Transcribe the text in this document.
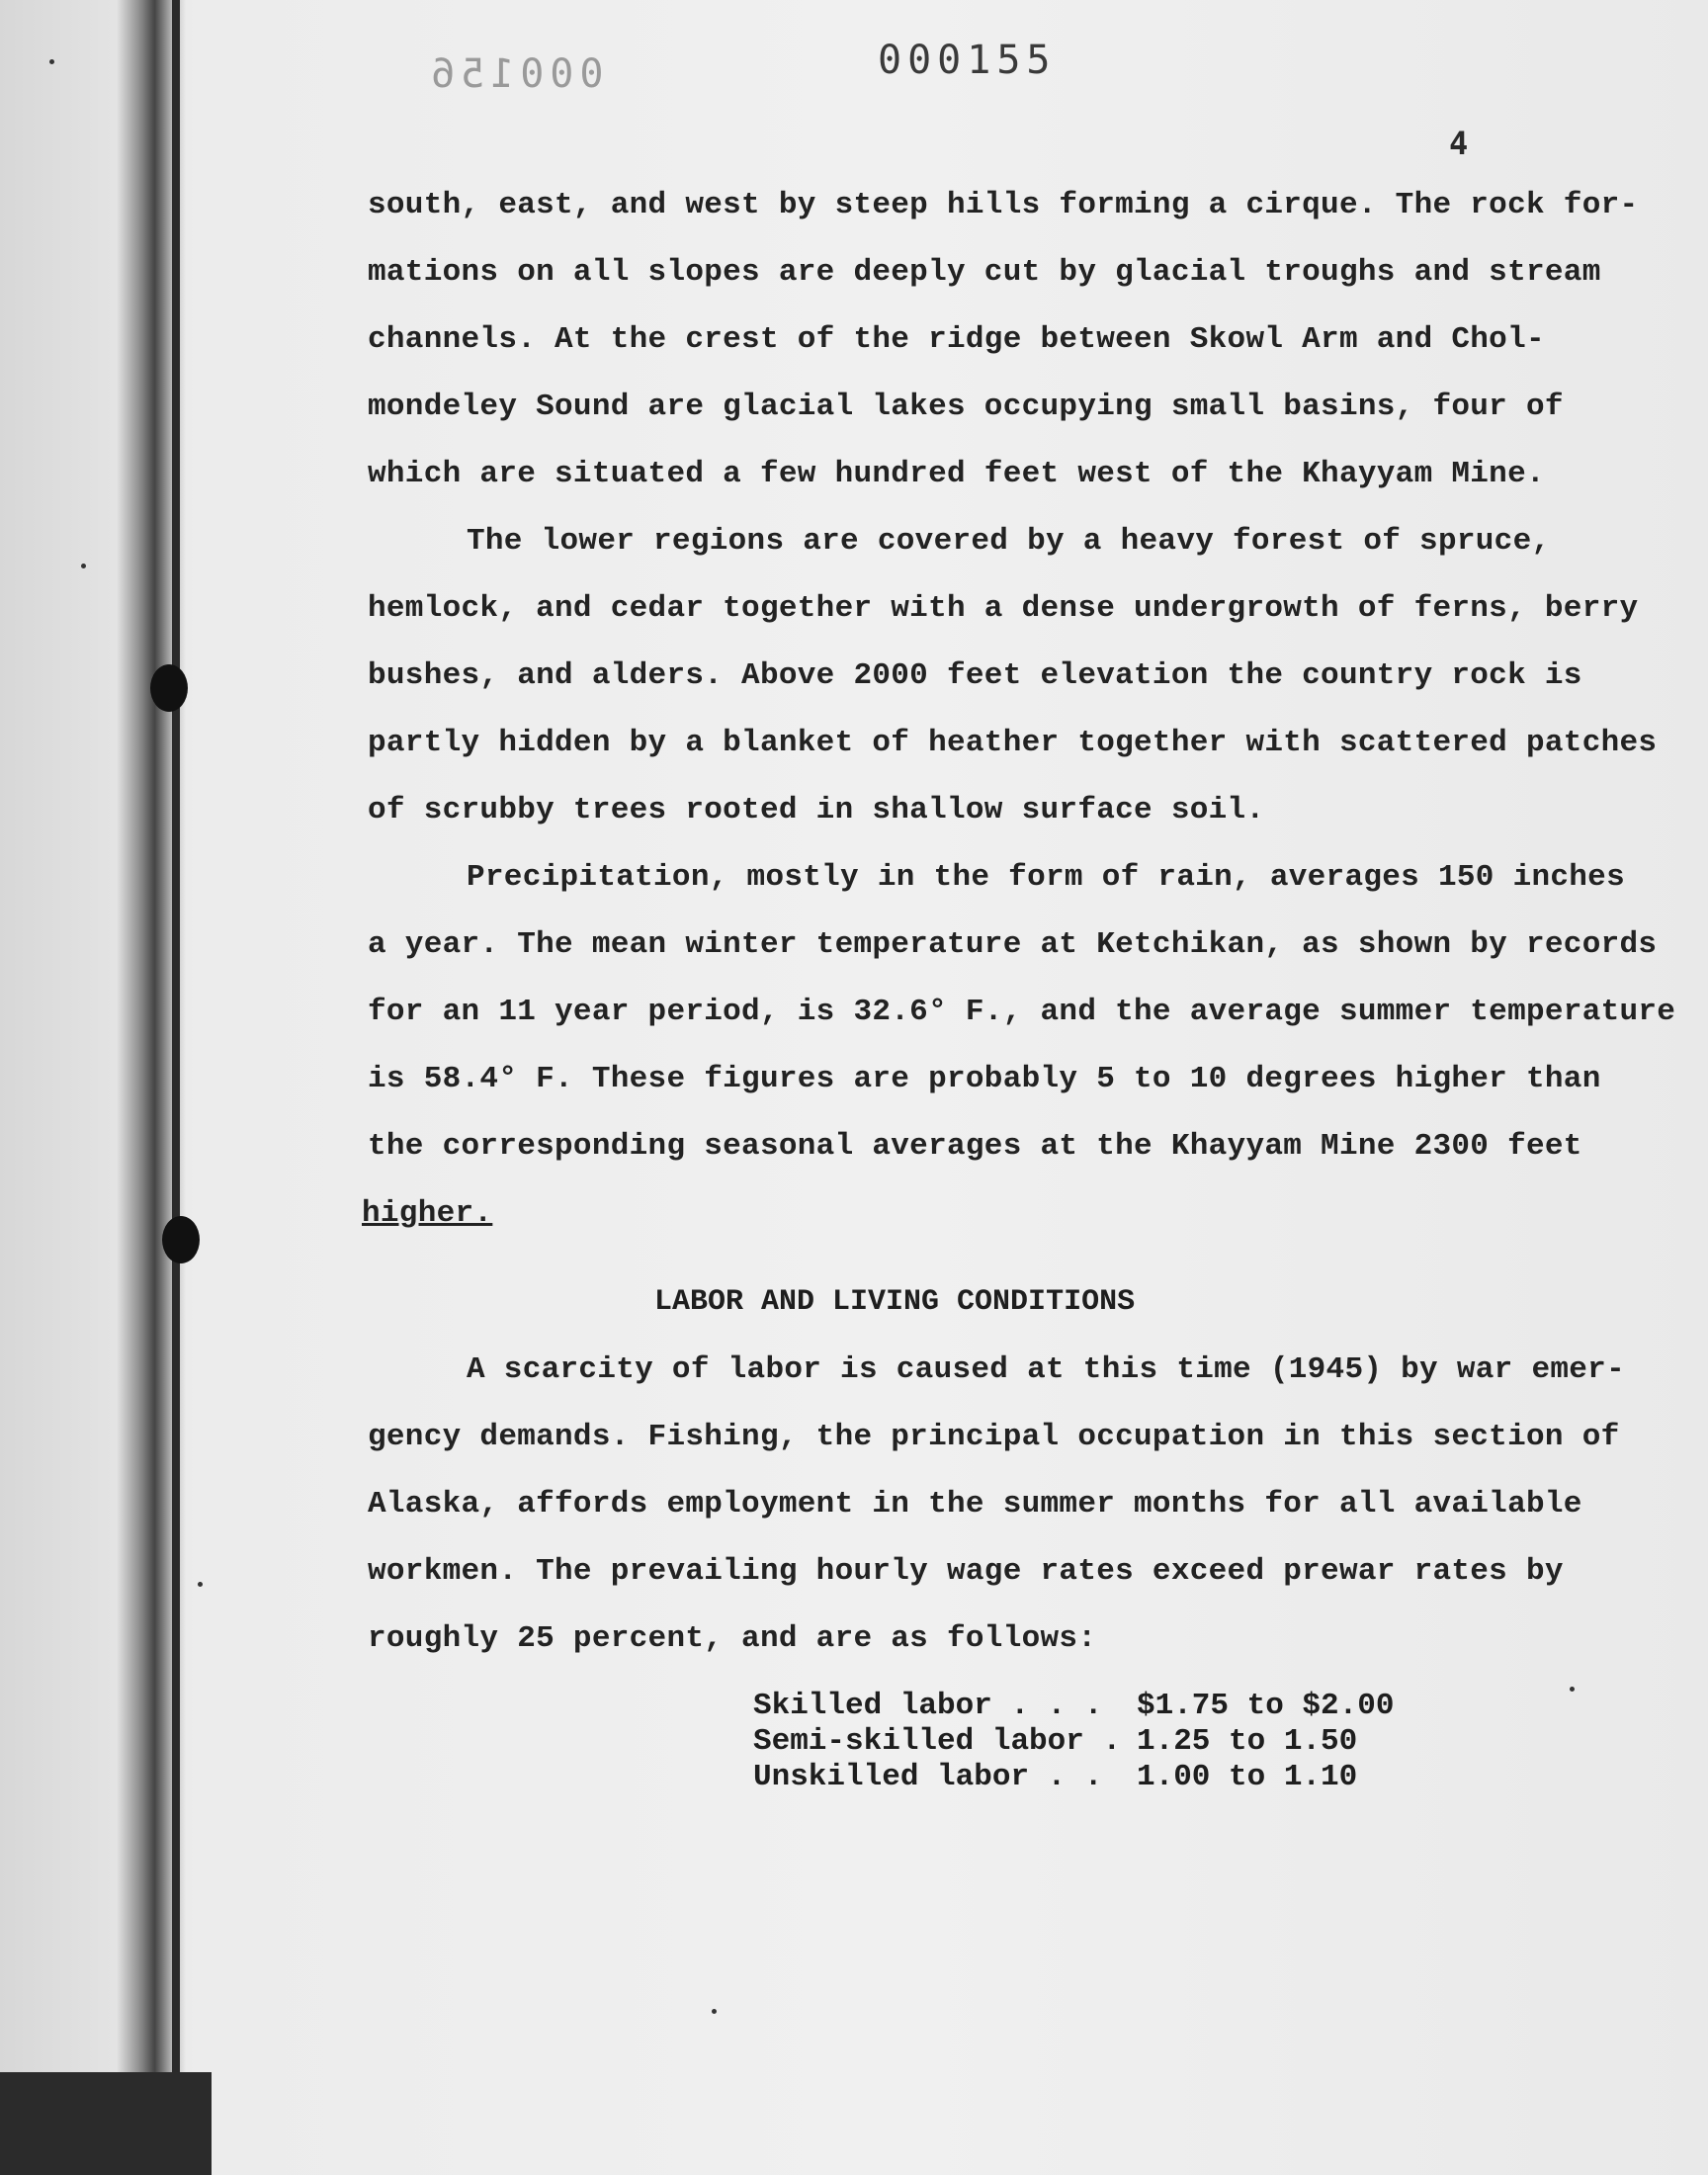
000156	000155
4
south, east, and west by steep hills forming a cirque. The rock for-
mations on all slopes are deeply cut by glacial troughs and stream
channels. At the crest of the ridge between Skowl Arm and Chol-
mondeley Sound are glacial lakes occupying small basins, four of
which are situated a few hundred feet west of the Khayyam Mine.
The lower regions are covered by a heavy forest of spruce,
hemlock, and cedar together with a dense undergrowth of ferns, berry
bushes, and alders. Above 2000 feet elevation the country rock is
partly hidden by a blanket of heather together with scattered patches
of scrubby trees rooted in shallow surface soil.
Precipitation, mostly in the form of rain, averages 150 inches
a year. The mean winter temperature at Ketchikan, as shown by records
for an 11 year period, is 32.6° F., and the average summer temperature
is 58.4° F. These figures are probably 5 to 10 degrees higher than
the corresponding seasonal averages at the Khayyam Mine 2300 feet
higher.
LABOR AND LIVING CONDITIONS
A scarcity of labor is caused at this time (1945) by war emer-
gency demands. Fishing, the principal occupation in this section of
Alaska, affords employment in the summer months for all available
workmen. The prevailing hourly wage rates exceed prewar rates by
roughly 25 percent, and are as follows:
Skilled labor . . . $1.75 to $2.00
Semi-skilled labor . 1.25 to 1.50
Unskilled labor . . 1.00 to 1.10
